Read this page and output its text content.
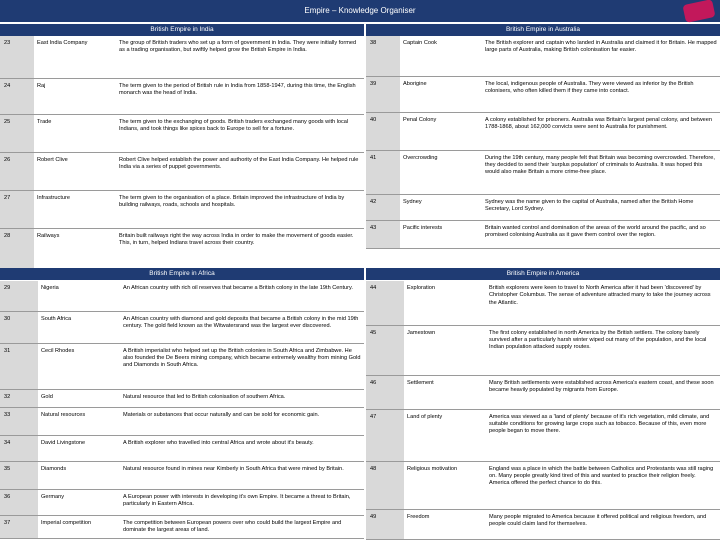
Empire – Knowledge Organiser
British Empire in India
23	East India Company	The group of British traders who set up a form of government in India. They were initially formed as a trading organisation, but swiftly helped grow the British Empire in India.
24	Raj	The term given to the period of British rule in India from 1858-1947, during this time, the English monarch was the head of India.
25	Trade	The term given to the exchanging of goods. British traders exchanged many goods with local Indians, and took things like spices back to Europe to sell for a fortune.
26	Robert Clive	Robert Clive helped establish the power and authority of the East India Company. He helped rule India via a series of puppet governments.
27	Infrastructure	The term given to the organisation of a place. Britain improved the infrastructure of India by building railways, roads, schools and hospitals.
28	Railways	Britain built railways right the way across India in order to make the movement of goods easier. This, in turn, helped Indians travel across their country.
British Empire in Australia
38	Captain Cook	The British explorer and captain who landed in Australia and claimed it for Britain. He mapped large parts of Australia, making British colonisation far easier.
39	Aborigine	The local, indigenous people of Australia. They were viewed as inferior by the British colonisers, who often killed them if they came into contact.
40	Penal Colony	A colony established for prisoners. Australia was Britain's largest penal colony, and between 1788-1868, about 162,000 convicts were sent to Australia for punishment.
41	Overcrowding	During the 19th century, many people felt that Britain was becoming overcrowded. Therefore, they decided to send their 'surplus population' of criminals to Australia. It was hoped this would also make Britain a more crime-free place.
42	Sydney	Sydney was the name given to the capital of Australia, named after the British Home Secretary, Lord Sydney.
43	Pacific interests	Britain wanted control and domination of the areas of the world around the pacific, and so promised colonising Australia as it gave them control over the region.
British Empire in Africa
29	Nigeria	An African country with rich oil reserves that became a British colony in the late 19th Century.
30	South Africa	An African country with diamond and gold deposits that became a British colony in the mid 19th century. The gold field known as the Witwatersrand was the largest ever discovered.
31	Cecil Rhodes	A British imperialist who helped set up the British colonies in South Africa and Zimbabwe. He also founded the De Beers mining company, which became extremely wealthy from mining Gold and Diamonds in South Africa.
32	Gold	Natural resource that led to British colonisation of southern Africa.
33	Natural resources	Materials or substances that occur naturally and can be sold for economic gain.
34	David Livingstone	A British explorer who travelled into central Africa and wrote about it's beauty.
35	Diamonds	Natural resource found in mines near Kimberly in South Africa that were mined by Britain.
36	Germany	A European power with interests in developing it's own Empire. It became a threat to Britain, particularly in Eastern Africa.
37	Imperial competition	The competition between European powers over who could build the largest Empire and dominate the largest areas of land.
British Empire in America
44	Exploration	British explorers were keen to travel to North America after it had been 'discovered' by Christopher Columbus. The sense of adventure attracted many to take the journey across the Atlantic.
45	Jamestown	The first colony established in north America by the British settlers. The colony barely survived after a particularly harsh winter wiped out many of the population, and the local Indian population attacked supply routes.
46	Settlement	Many British settlements were established across America's eastern coast, and these soon became heavily populated by migrants from Europe.
47	Land of plenty	America was viewed as a 'land of plenty' because of it's rich vegetation, mild climate, and suitable conditions for growing large crops such as tobacco. Because of this, even more people began to move there.
48	Religious motivation	England was a place in which the battle between Catholics and Protestants was still raging on. Many people greatly kind tired of this and wanted to practice their religion freely. America offered the perfect chance to do this.
49	Freedom	Many people migrated to America because it offered political and religious freedom, and people could claim land for themselves.
